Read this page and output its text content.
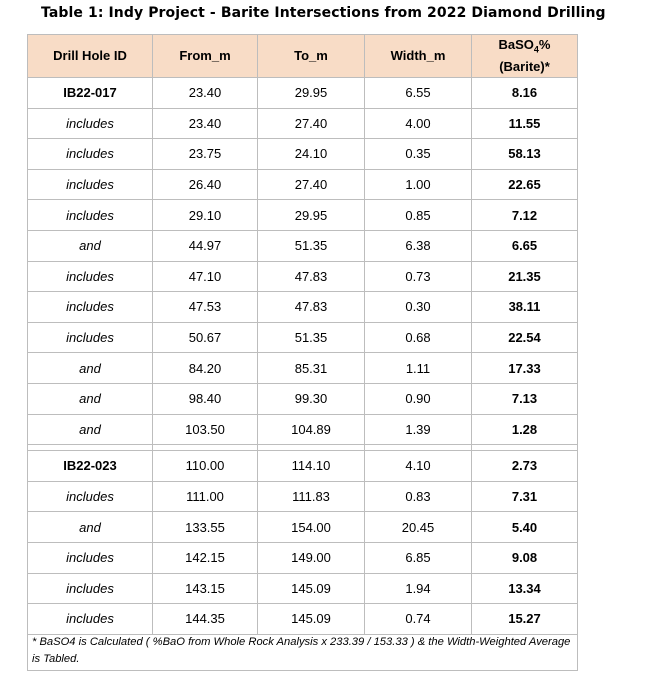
Table 1: Indy Project - Barite Intersections from 2022 Diamond Drilling
Drill Hole ID	From_m	To_m	Width_m	BaSO$_4$%
(Barite)*
IB22-017	23.40	29.95	6.55	8.16
includes	23.40	27.40	4.00	11.55
includes	23.75	24.10	0.35	58.13
includes	26.40	27.40	1.00	22.65
includes	29.10	29.95	0.85	7.12
and	44.97	51.35	6.38	6.65
includes	47.10	47.83	0.73	21.35
includes	47.53	47.83	0.30	38.11
includes	50.67	51.35	0.68	22.54
and	84.20	85.31	1.11	17.33
and	98.40	99.30	0.90	7.13
and	103.50	104.89	1.39	1.28

IB22-023	110.00	114.10	4.10	2.73
includes	111.00	111.83	0.83	7.31
and	133.55	154.00	20.45	5.40
includes	142.15	149.00	6.85	9.08
includes	143.15	145.09	1.94	13.34
includes	144.35	145.09	0.74	15.27
* BaSO4 is Calculated ( %BaO from Whole Rock Analysis x 233.39 / 153.33 ) & the Width-Weighted Average is Tabled.
